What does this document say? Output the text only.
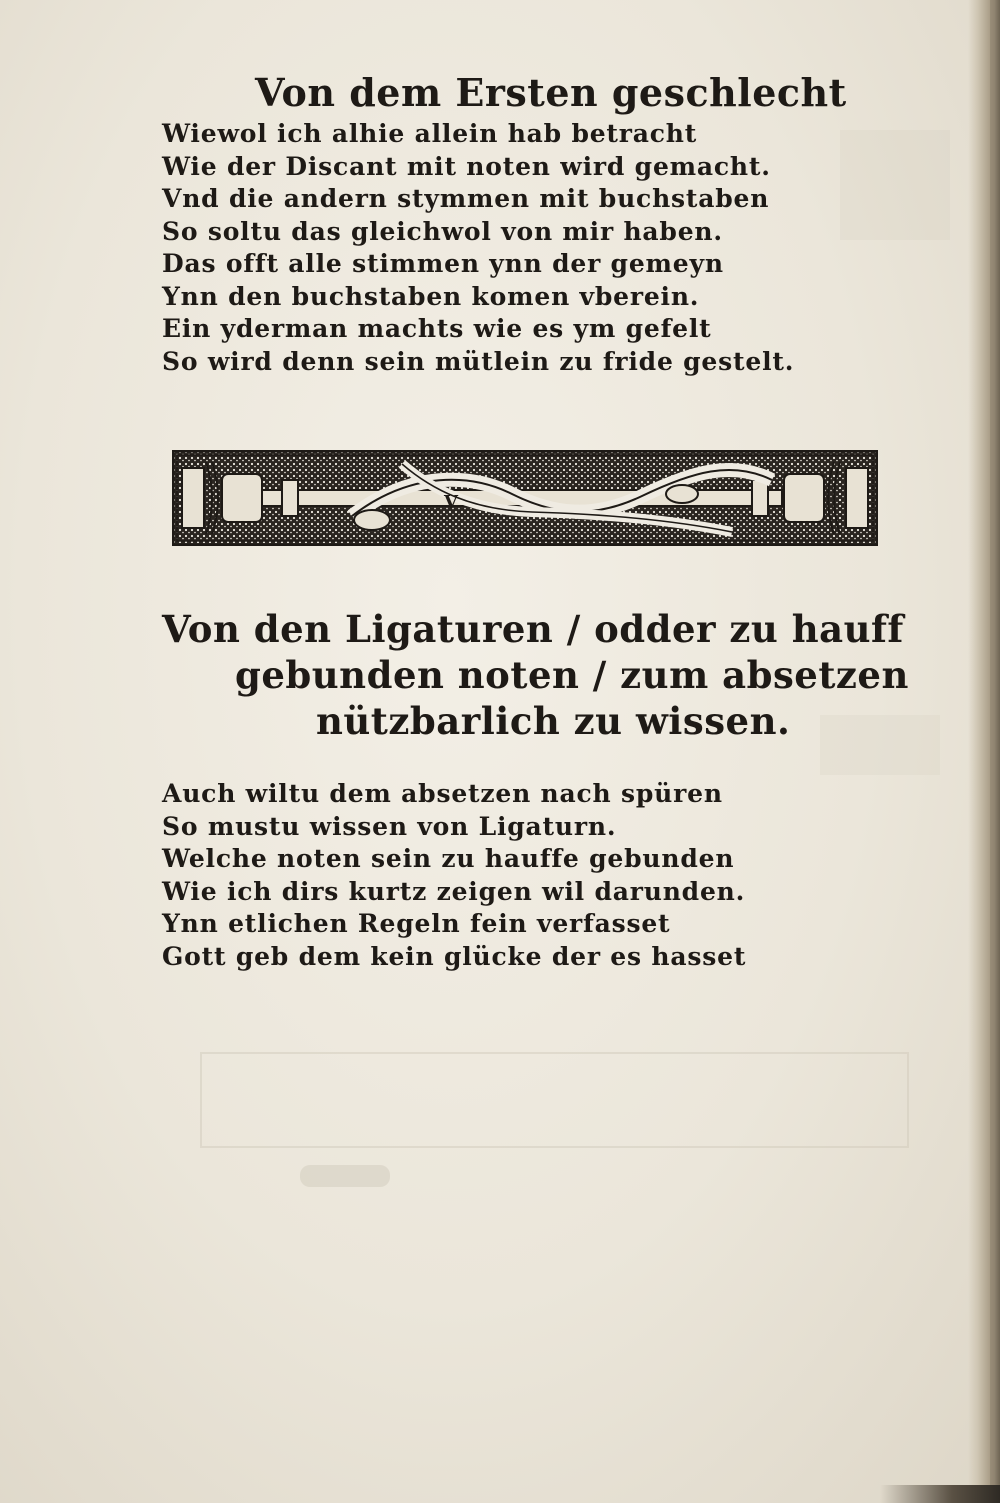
Von dem Ersten geschlecht
Wiewol ich alhie allein hab betracht
Wie der Discant mit noten wird gemacht.
Vnd die andern stymmen mit buchstaben
So soltu das gleichwol von mir haben.
Das offt alle stimmen ynn der gemeyn
Ynn den buchstaben komen vberein.
Ein yderman machts wie es ym gefelt
So wird denn sein mütlein zu fride gestelt.
V
Von den Ligaturen / odder zu hauff
gebunden noten / zum absetzen
nützbarlich zu wissen.
Auch wiltu dem absetzen nach spüren
So mustu wissen von Ligaturn.
Welche noten sein zu hauffe gebunden
Wie ich dirs kurtz zeigen wil darunden.
Ynn etlichen Regeln fein verfasset
Gott geb dem kein glücke der es hasset
